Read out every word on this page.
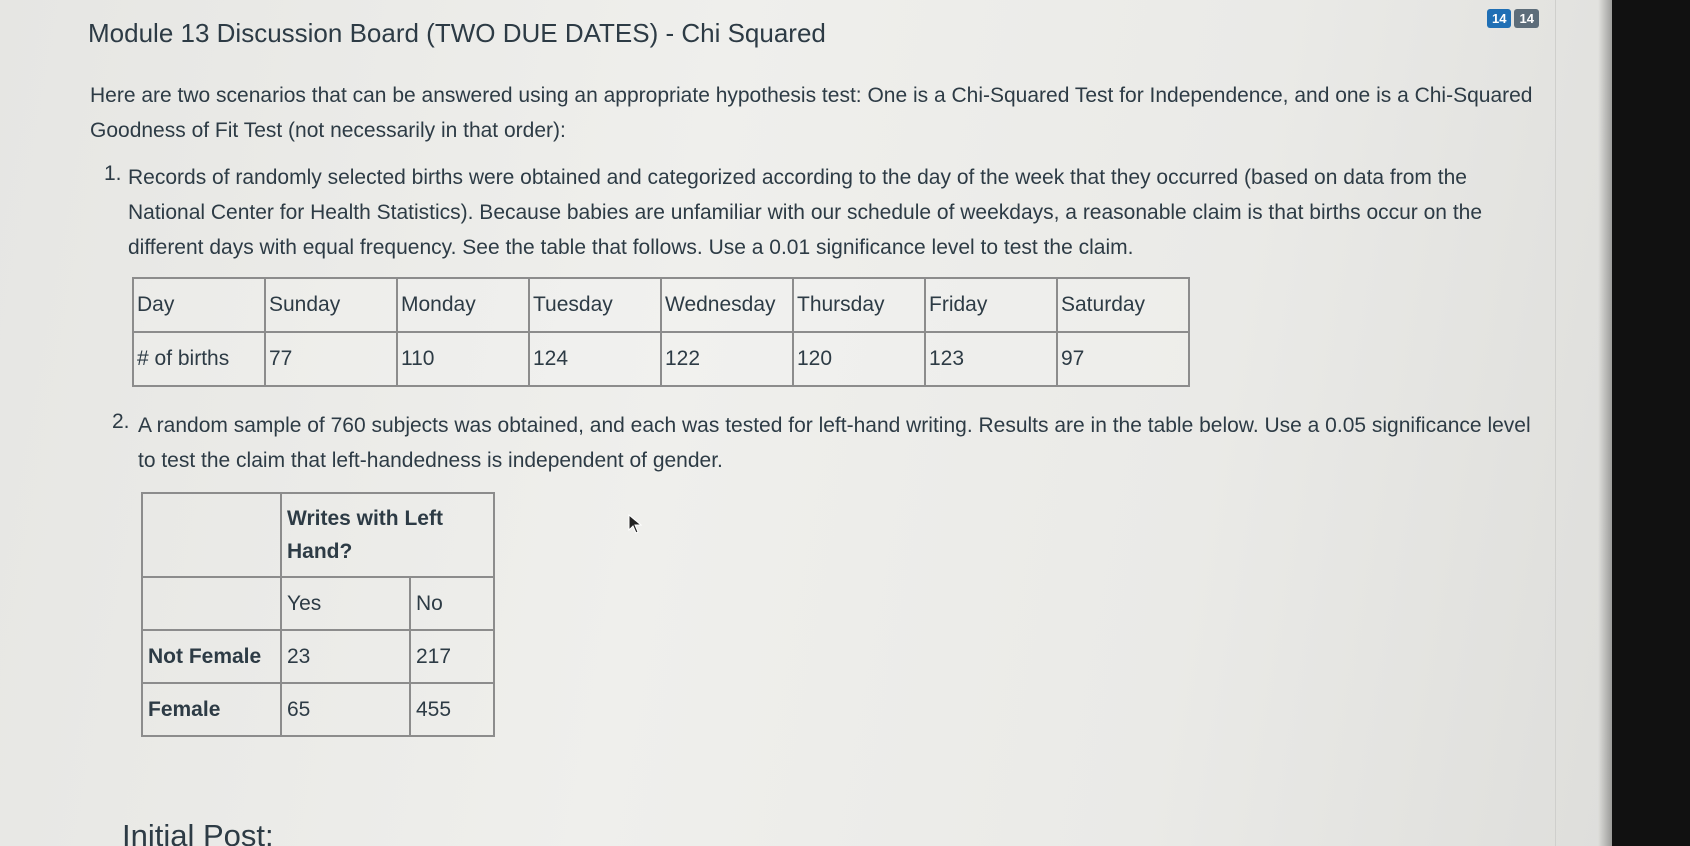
14	14
Module 13 Discussion Board (TWO DUE DATES) - Chi Squared
Here are two scenarios that can be answered using an appropriate hypothesis test: One is a Chi-Squared Test for Independence, and one is a Chi-Squared Goodness of Fit Test (not necessarily in that order):
1. Records of randomly selected births were obtained and categorized according to the day of the week that they occurred (based on data from the National Center for Health Statistics). Because babies are unfamiliar with our schedule of weekdays, a reasonable claim is that births occur on the different days with equal frequency. See the table that follows. Use a 0.01 significance level to test the claim.
Day	Sunday	Monday	Tuesday	Wednesday	Thursday	Friday	Saturday
# of births	77	110	124	122	120	123	97
2. A random sample of 760 subjects was obtained, and each was tested for left-hand writing. Results are in the table below. Use a 0.05 significance level to test the claim that left-handedness is independent of gender.
	Writes with Left Hand?	
	Yes	No
Not Female	23	217
Female	65	455
Initial Post:
